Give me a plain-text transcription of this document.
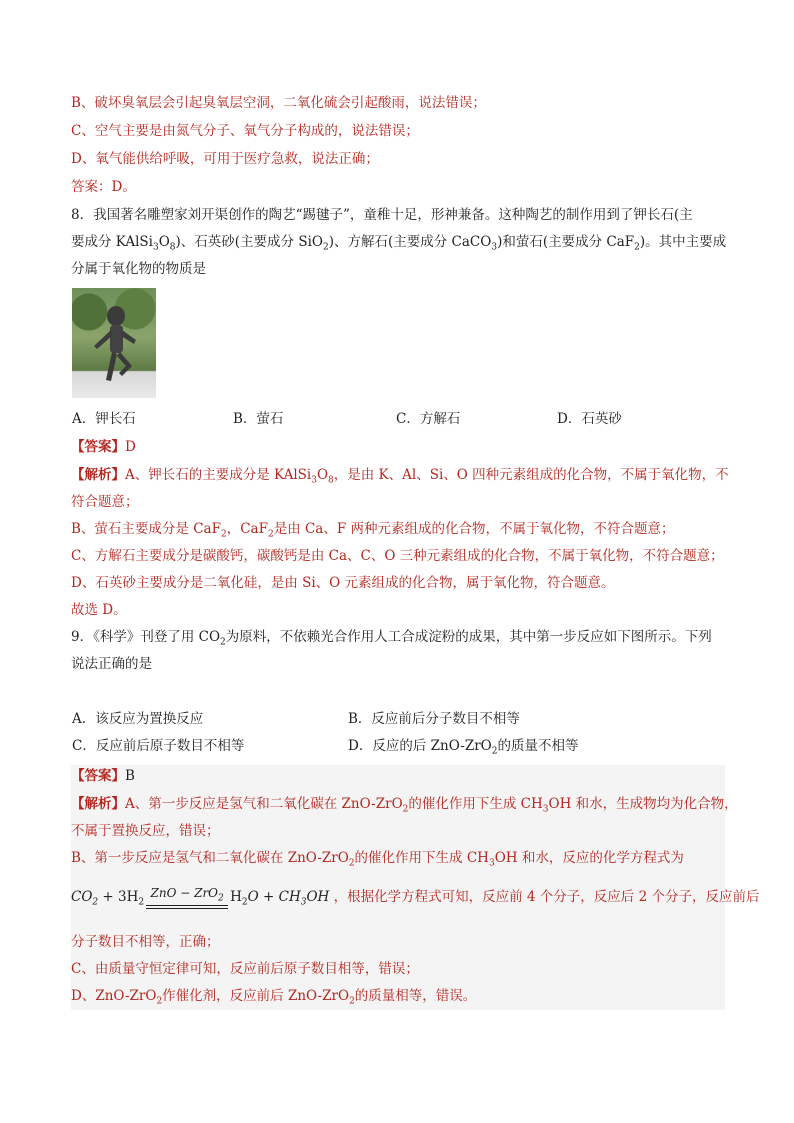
B、破坏臭氧层会引起臭氧层空洞，二氧化硫会引起酸雨，说法错误；
C、空气主要是由氮气分子、氧气分子构成的，说法错误；
D、氧气能供给呼吸，可用于医疗急救，说法正确；
答案：D。
8．我国著名雕塑家刘开渠创作的陶艺“踢毽子”，童稚十足，形神兼备。这种陶艺的制作用到了钾长石(主
要成分 $KAlSi_3O_8$)、石英砂(主要成分 SiO$_2$)、方解石(主要成分 CaCO$_3$)和萤石(主要成分 CaF$_2$)。其中主要成
分属于氧化物的物质是
A．钾长石	B．萤石	C．方解石	D．石英砂
【答案】D
【解析】A、钾长石的主要成分是 $KAlSi_3O_8$，是由 K、Al、Si、O 四种元素组成的化合物，不属于氧化物，不
符合题意；
B、萤石主要成分是 CaF$_2$，CaF$_2$是由 Ca、F 两种元素组成的化合物，不属于氧化物，不符合题意；
C、方解石主要成分是碳酸钙，碳酸钙是由 Ca、C、O 三种元素组成的化合物，不属于氧化物，不符合题意；
D、石英砂主要成分是二氧化硅，是由 Si、O 元素组成的化合物，属于氧化物，符合题意。
故选 D。
9．《科学》刊登了用 $CO_2$为原料，不依赖光合作用人工合成淀粉的成果，其中第一步反应如下图所示。下列
说法正确的是
A．该反应为置换反应	B．反应前后分子数目不相等
C．反应前后原子数目不相等	D．反应的后 ZnO-ZrO$_2$的质量不相等
【答案】B
【解析】A、第一步反应是氢气和二氧化碳在 ZnO-ZrO$_2$的催化作用下生成 $CH_3OH$ 和水，生成物均为化合物，
不属于置换反应，错误；
B、第一步反应是氢气和二氧化碳在 ZnO-ZrO$_2$的催化作用下生成 $CH_3OH$ 和水，反应的化学方程式为
$CO_2 + 3H_2$
ZnO − ZrO$_2$ $H_2O + CH_3OH$ ，根据化学方程式可知，反应前 4 个分子，反应后 2 个分子，反应前后
分子数目不相等，正确；
C、由质量守恒定律可知，反应前后原子数目相等，错误；
D、ZnO-ZrO$_2$作催化剂，反应前后 ZnO-ZrO$_2$的质量相等，错误。
